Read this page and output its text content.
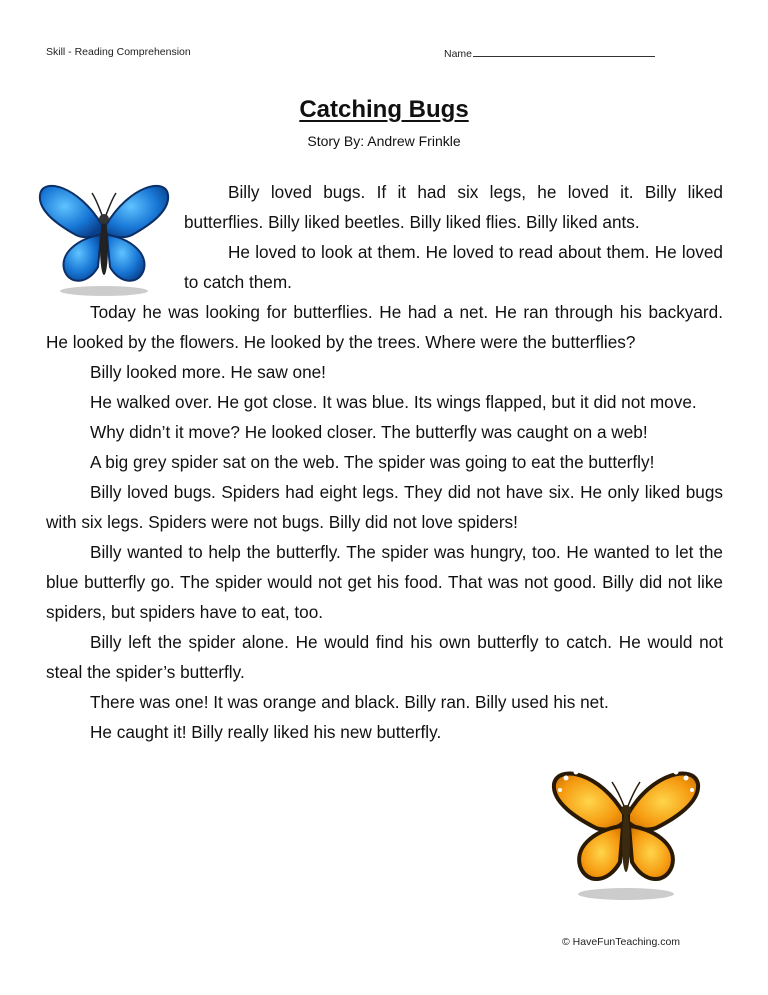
Skill - Reading Comprehension	Name
Catching Bugs
Story By: Andrew Frinkle

Billy loved bugs. If it had six legs, he loved it. Billy liked butterflies. Billy liked beetles. Billy liked flies. Billy liked ants.

He loved to look at them. He loved to read about them. He loved to catch them.

Today he was looking for butterflies. He had a net. He ran through his backyard. He looked by the flowers. He looked by the trees. Where were the butterflies?

Billy looked more. He saw one!

He walked over. He got close. It was blue. Its wings flapped, but it did not move.

Why didn’t it move? He looked closer. The butterfly was caught on a web!

A big grey spider sat on the web. The spider was going to eat the butterfly!

Billy loved bugs. Spiders had eight legs. They did not have six. He only liked bugs with six legs. Spiders were not bugs. Billy did not love spiders!

Billy wanted to help the butterfly. The spider was hungry, too. He wanted to let the blue butterfly go. The spider would not get his food. That was not good. Billy did not like spiders, but spiders have to eat, too.

Billy left the spider alone. He would find his own butterfly to catch. He would not steal the spider’s butterfly.

There was one! It was orange and black. Billy ran. Billy used his net.

He caught it! Billy really liked his new butterfly.

© HaveFunTeaching.com
